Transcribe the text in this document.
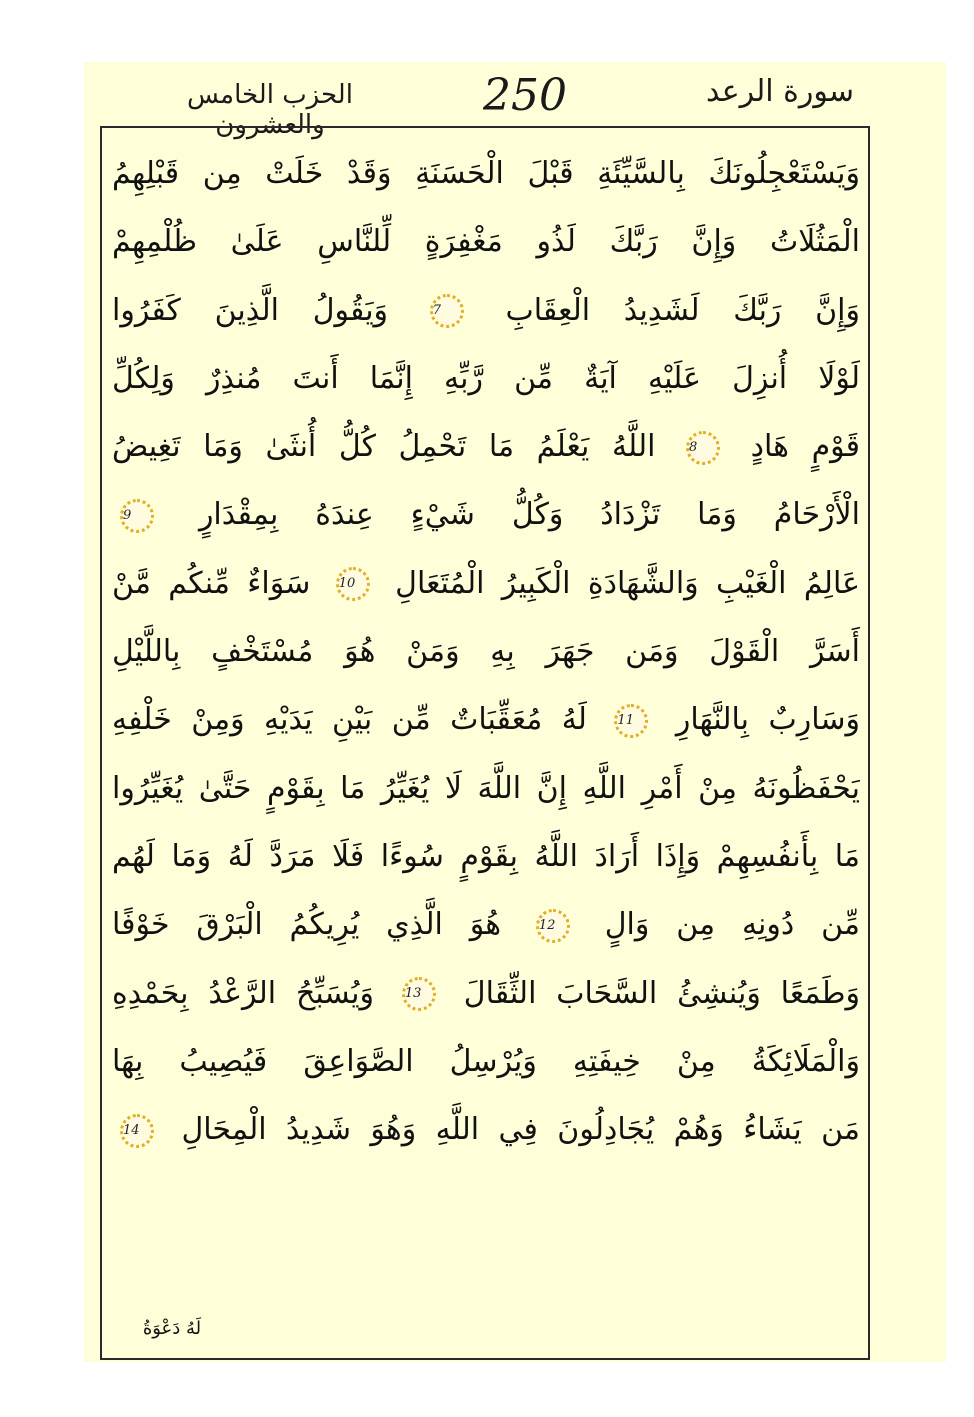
الحزب الخامس والعشرون
250	سورة الرعد
وَيَسْتَعْجِلُونَكَ بِالسَّيِّئَةِ قَبْلَ الْحَسَنَةِ وَقَدْ خَلَتْ مِن قَبْلِهِمُ
الْمَثُلَاتُ وَإِنَّ رَبَّكَ لَذُو مَغْفِرَةٍ لِّلنَّاسِ عَلَىٰ ظُلْمِهِمْ
وَإِنَّ رَبَّكَ لَشَدِيدُ الْعِقَابِ 7 وَيَقُولُ الَّذِينَ كَفَرُوا
لَوْلَا أُنزِلَ عَلَيْهِ آيَةٌ مِّن رَّبِّهِ إِنَّمَا أَنتَ مُنذِرٌ وَلِكُلِّ
قَوْمٍ هَادٍ 8 اللَّهُ يَعْلَمُ مَا تَحْمِلُ كُلُّ أُنثَىٰ وَمَا تَغِيضُ
الْأَرْحَامُ وَمَا تَزْدَادُ وَكُلُّ شَيْءٍ عِندَهُ بِمِقْدَارٍ 9
عَالِمُ الْغَيْبِ وَالشَّهَادَةِ الْكَبِيرُ الْمُتَعَالِ 10 سَوَاءٌ مِّنكُم مَّنْ
أَسَرَّ الْقَوْلَ وَمَن جَهَرَ بِهِ وَمَنْ هُوَ مُسْتَخْفٍ بِاللَّيْلِ
وَسَارِبٌ بِالنَّهَارِ 11 لَهُ مُعَقِّبَاتٌ مِّن بَيْنِ يَدَيْهِ وَمِنْ خَلْفِهِ
يَحْفَظُونَهُ مِنْ أَمْرِ اللَّهِ إِنَّ اللَّهَ لَا يُغَيِّرُ مَا بِقَوْمٍ حَتَّىٰ يُغَيِّرُوا
مَا بِأَنفُسِهِمْ وَإِذَا أَرَادَ اللَّهُ بِقَوْمٍ سُوءًا فَلَا مَرَدَّ لَهُ وَمَا لَهُم
مِّن دُونِهِ مِن وَالٍ 12 هُوَ الَّذِي يُرِيكُمُ الْبَرْقَ خَوْفًا
وَطَمَعًا وَيُنشِئُ السَّحَابَ الثِّقَالَ 13 وَيُسَبِّحُ الرَّعْدُ بِحَمْدِهِ
وَالْمَلَائِكَةُ مِنْ خِيفَتِهِ وَيُرْسِلُ الصَّوَاعِقَ فَيُصِيبُ بِهَا
مَن يَشَاءُ وَهُمْ يُجَادِلُونَ فِي اللَّهِ وَهُوَ شَدِيدُ الْمِحَالِ 14
لَهُ دَعْوَةُ
